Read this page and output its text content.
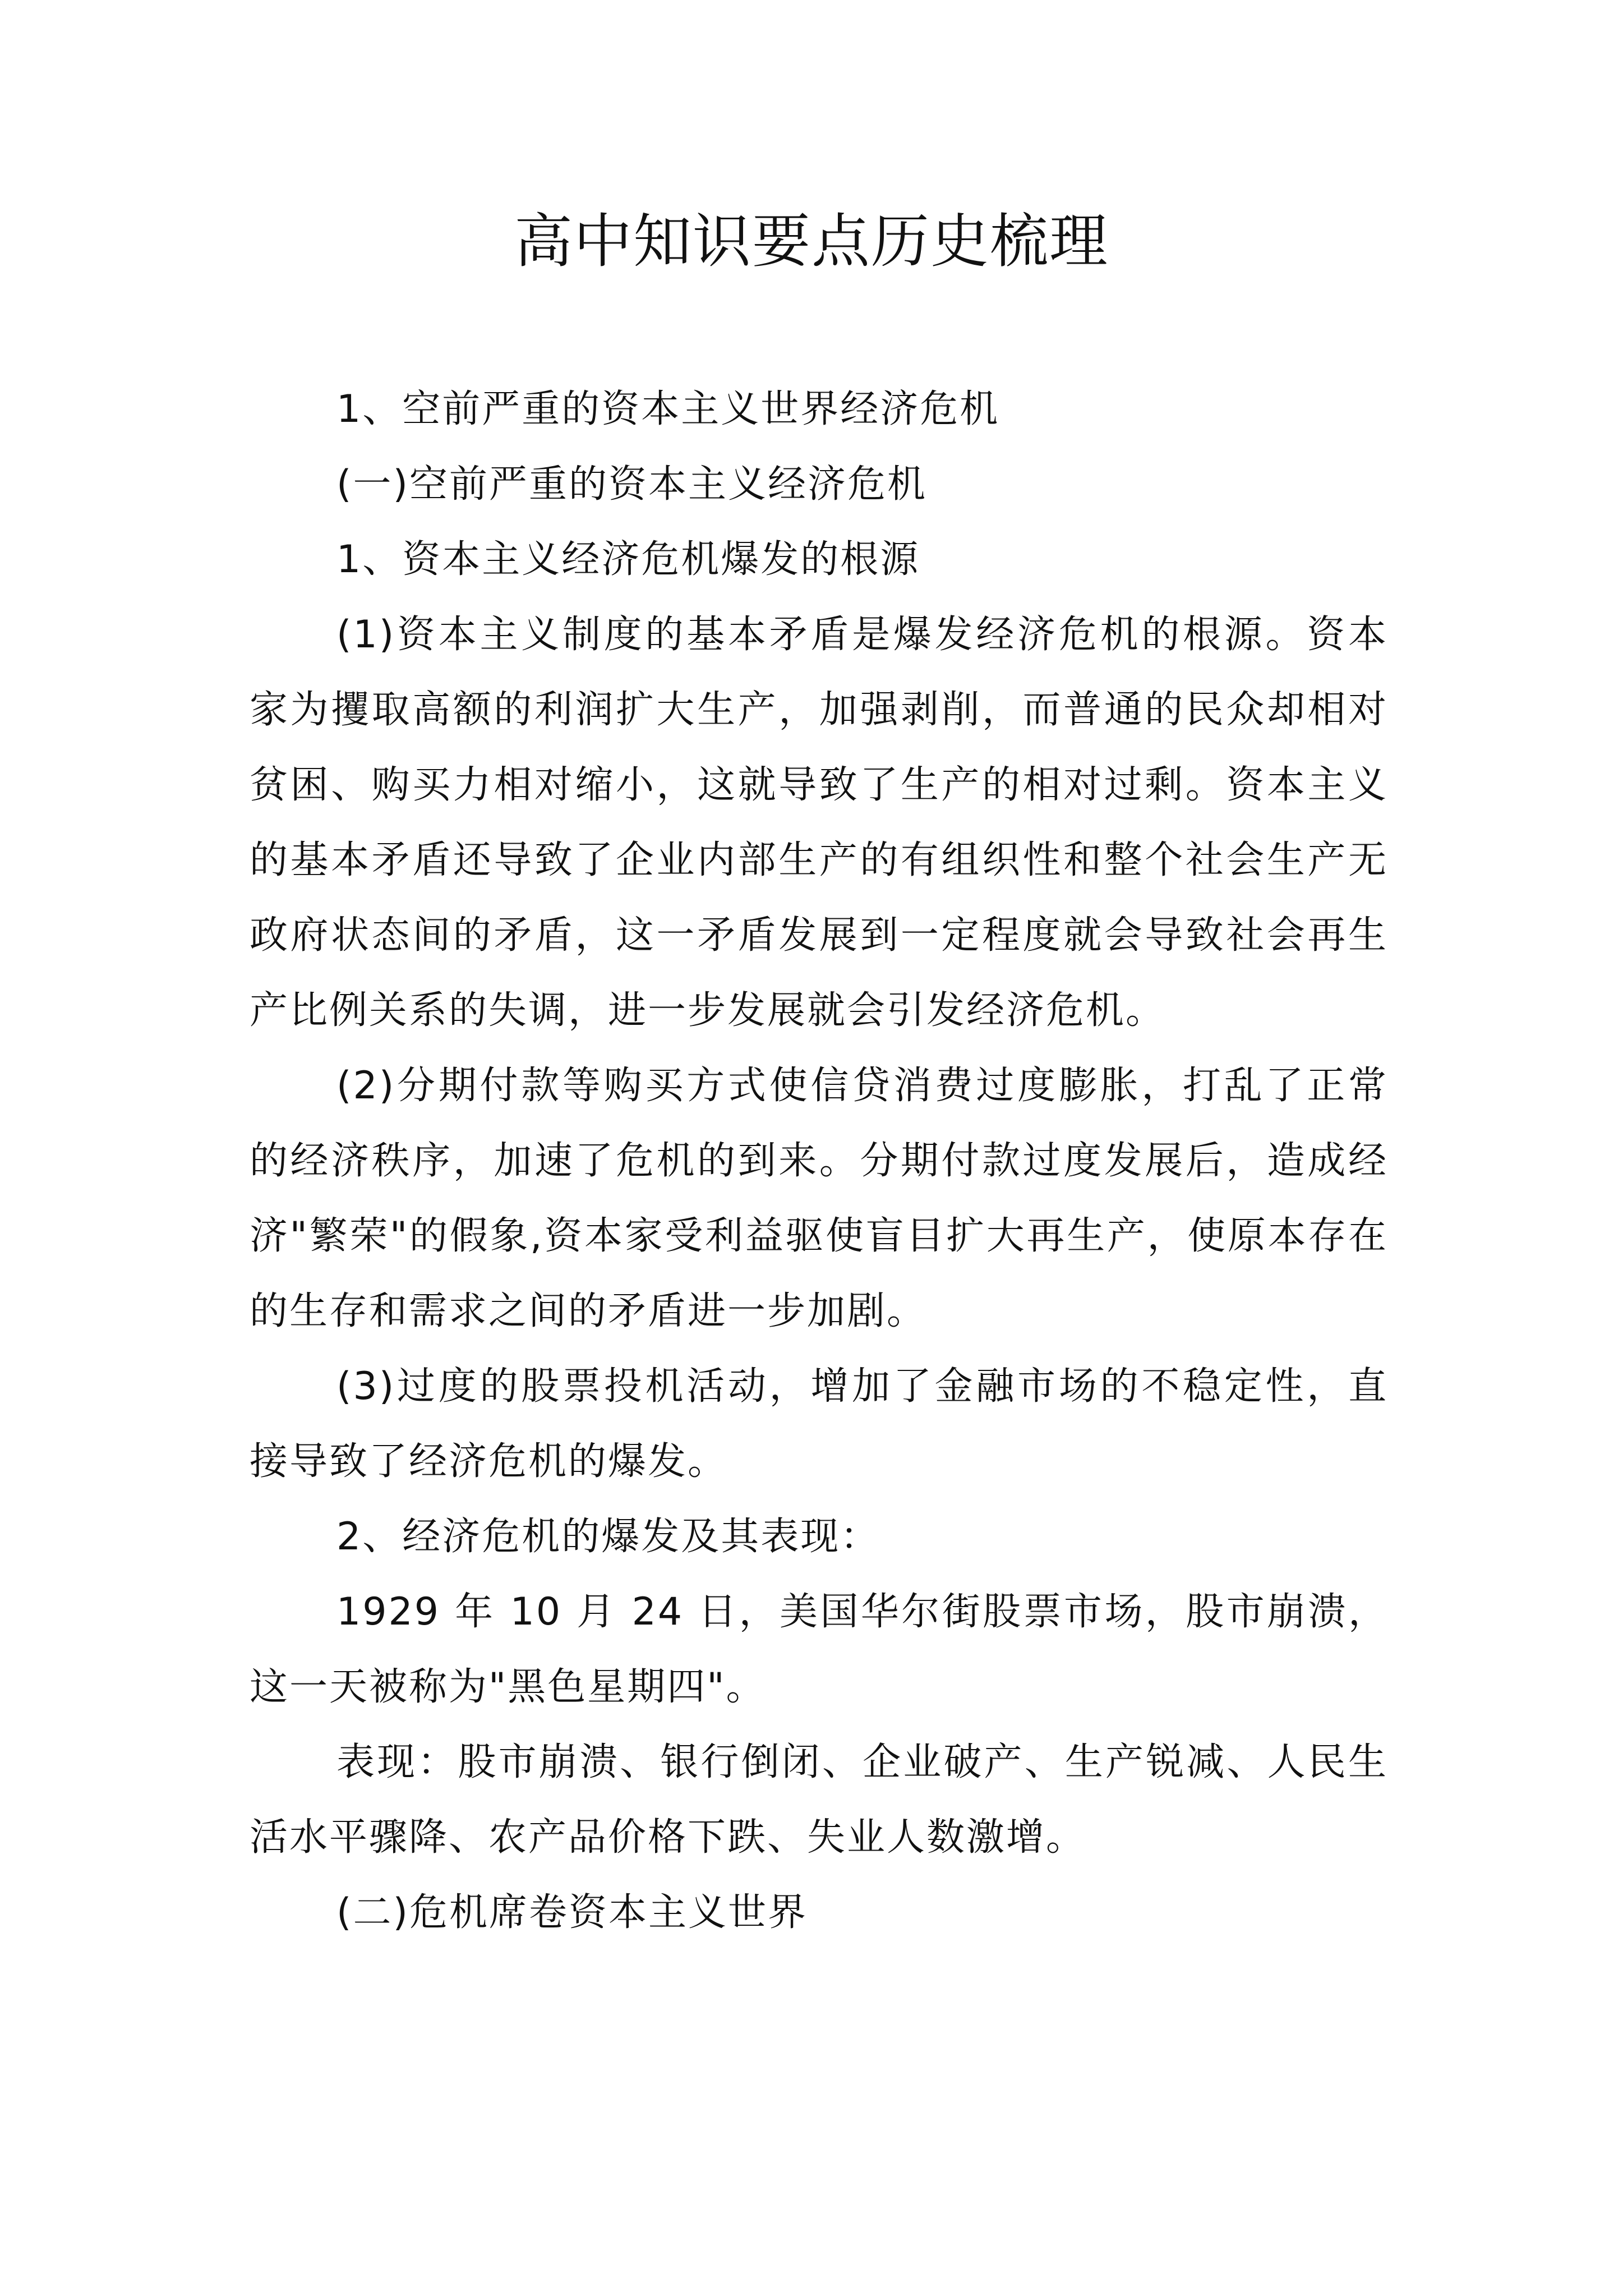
高中知识要点历史梳理

1、空前严重的资本主义世界经济危机

(一)空前严重的资本主义经济危机

1、资本主义经济危机爆发的根源

(1)资本主义制度的基本矛盾是爆发经济危机的根源。资本家为攫取高额的利润扩大生产，加强剥削，而普通的民众却相对贫困、购买力相对缩小，这就导致了生产的相对过剩。资本主义的基本矛盾还导致了企业内部生产的有组织性和整个社会生产无政府状态间的矛盾，这一矛盾发展到一定程度就会导致社会再生产比例关系的失调，进一步发展就会引发经济危机。

(2)分期付款等购买方式使信贷消费过度膨胀，打乱了正常的经济秩序，加速了危机的到来。分期付款过度发展后，造成经济"繁荣"的假象,资本家受利益驱使盲目扩大再生产，使原本存在的生存和需求之间的矛盾进一步加剧。

(3)过度的股票投机活动，增加了金融市场的不稳定性，直接导致了经济危机的爆发。

2、经济危机的爆发及其表现：

1929 年 10 月 24 日，美国华尔街股票市场，股市崩溃，这一天被称为"黑色星期四"。

表现：股市崩溃、银行倒闭、企业破产、生产锐减、人民生活水平骤降、农产品价格下跌、失业人数激增。

(二)危机席卷资本主义世界
